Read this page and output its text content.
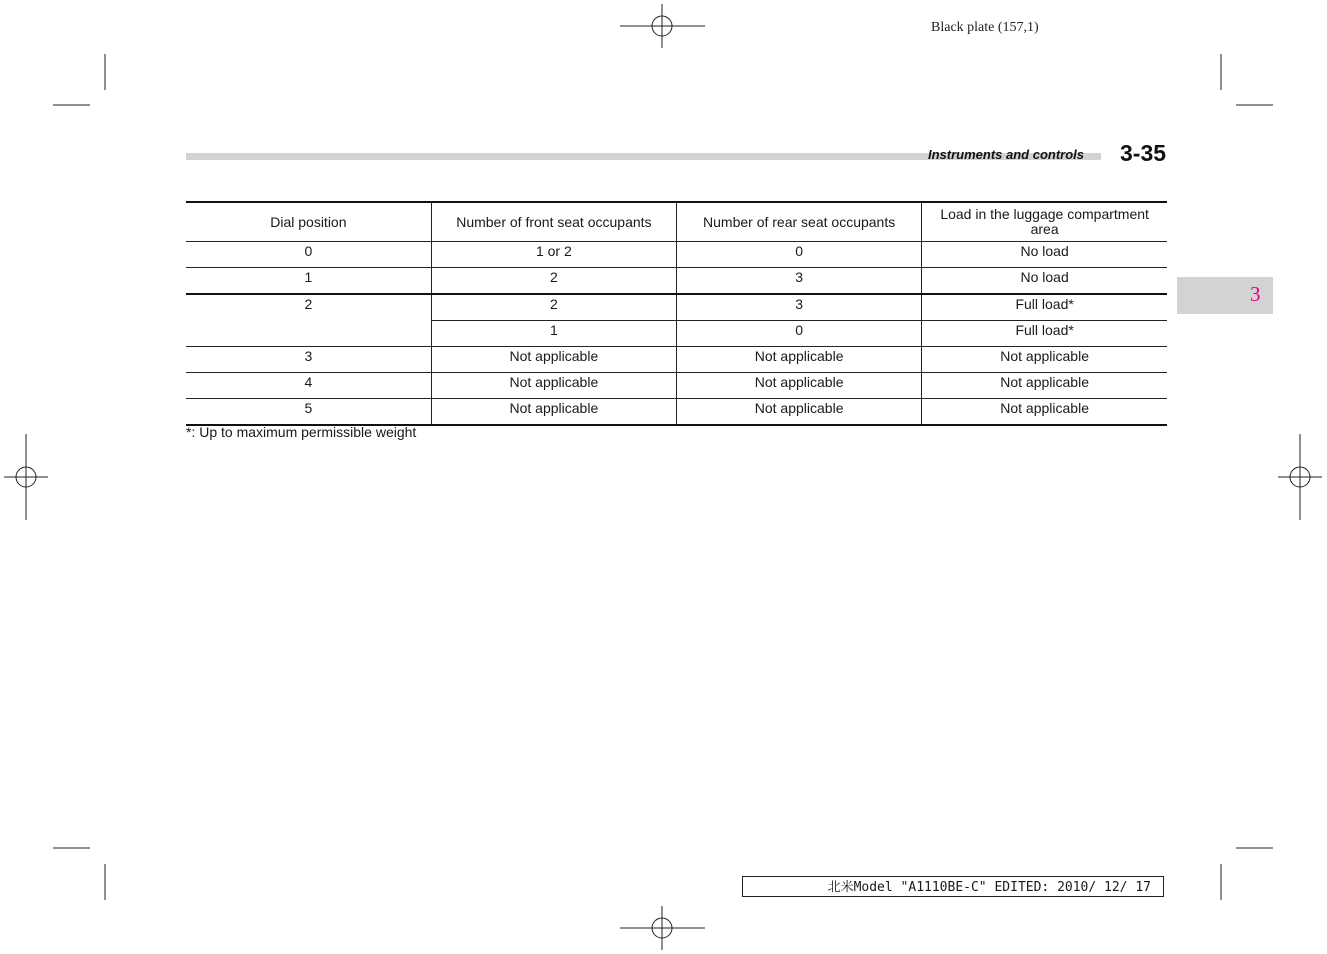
Black plate (157,1)
Instruments and controls 3-35
3
Dial position	Number of front seat occupants	Number of rear seat occupants	Load in the luggage compartment area
0	1 or 2	0	No load
1	2	3	No load
2	2	3	Full load*
	1	0	Full load*
3	Not applicable	Not applicable	Not applicable
4	Not applicable	Not applicable	Not applicable
5	Not applicable	Not applicable	Not applicable
*: Up to maximum permissible weight
北米Model "A1110BE-C" EDITED: 2010/ 12/ 17
